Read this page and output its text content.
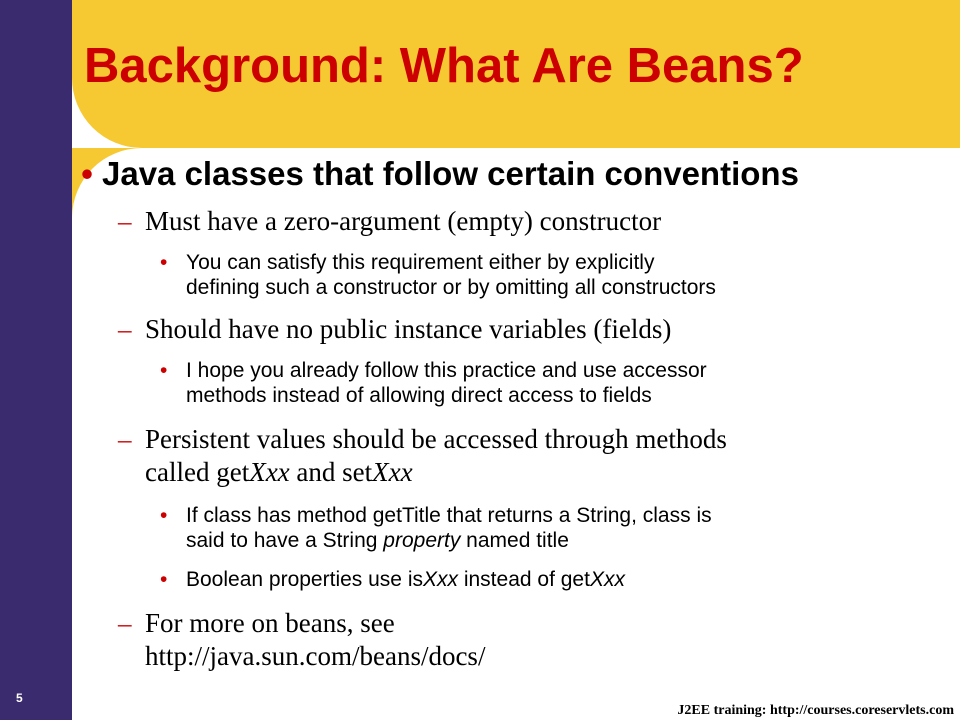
Background: What Are Beans?
• Java classes that follow certain conventions
– Must have a zero-argument (empty) constructor
• You can satisfy this requirement either by explicitly
defining such a constructor or by omitting all constructors
– Should have no public instance variables (fields)
• I hope you already follow this practice and use accessor
methods instead of allowing direct access to fields
– Persistent values should be accessed through methods
called getXxx and setXxx
• If class has method getTitle that returns a String, class is
said to have a String property named title
• Boolean properties use isXxx instead of getXxx
– For more on beans, see
http://java.sun.com/beans/docs/
5
J2EE training: http://courses.coreservlets.com
